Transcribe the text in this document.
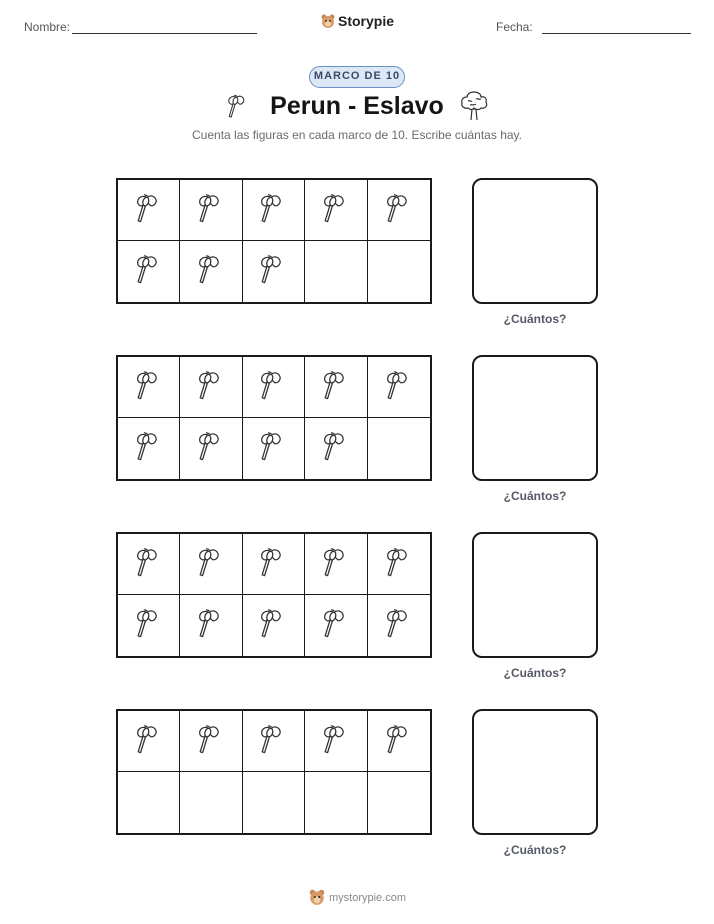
Nombre:	Storypie	Fecha:
MARCO DE 10
Perun - Eslavo
Cuenta las figuras en cada marco de 10. Escribe cuántas hay.
¿Cuántos?
¿Cuántos?
¿Cuántos?
¿Cuántos?
mystorypie.com
